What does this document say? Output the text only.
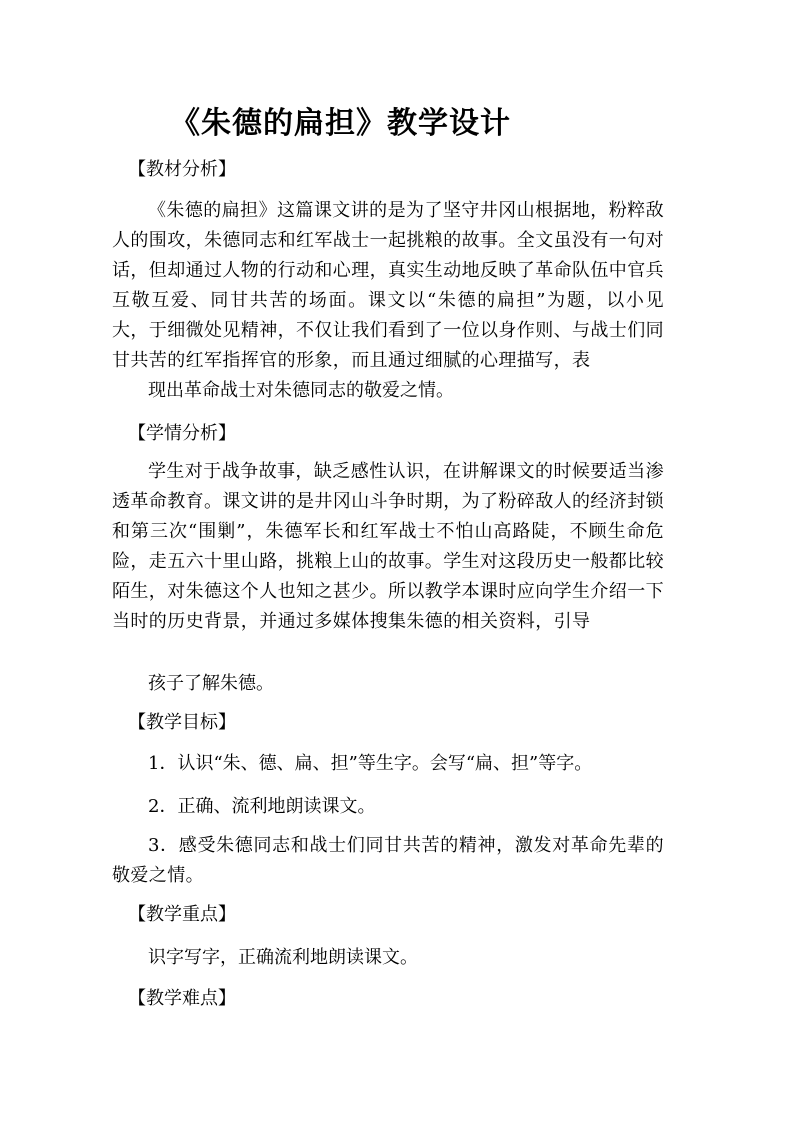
《朱德的扁担》教学设计
【教材分析】
《朱德的扁担》这篇课文讲的是为了坚守井冈山根据地，粉粹敌人的围攻，朱德同志和红军战士一起挑粮的故事。全文虽没有一句对话，但却通过人物的行动和心理，真实生动地反映了革命队伍中官兵互敬互爱、同甘共苦的场面。课文以“朱德的扁担”为题，以小见大，于细微处见精神，不仅让我们看到了一位以身作则、与战士们同甘共苦的红军指挥官的形象，而且通过细腻的心理描写，表
现出革命战士对朱德同志的敬爱之情。
【学情分析】
学生对于战争故事，缺乏感性认识，在讲解课文的时候要适当渗透革命教育。课文讲的是井冈山斗争时期，为了粉碎敌人的经济封锁和第三次“围剿”，朱德军长和红军战士不怕山高路陡，不顾生命危险，走五六十里山路，挑粮上山的故事。学生对这段历史一般都比较陌生，对朱德这个人也知之甚少。所以教学本课时应向学生介绍一下当时的历史背景，并通过多媒体搜集朱德的相关资料，引导
孩子了解朱德。
【教学目标】
1．认识“朱、德、扁、担”等生字。会写“扁、担”等字。
2．正确、流利地朗读课文。
3．感受朱德同志和战士们同甘共苦的精神，激发对革命先辈的敬爱之情。
【教学重点】
识字写字，正确流利地朗读课文。
【教学难点】
